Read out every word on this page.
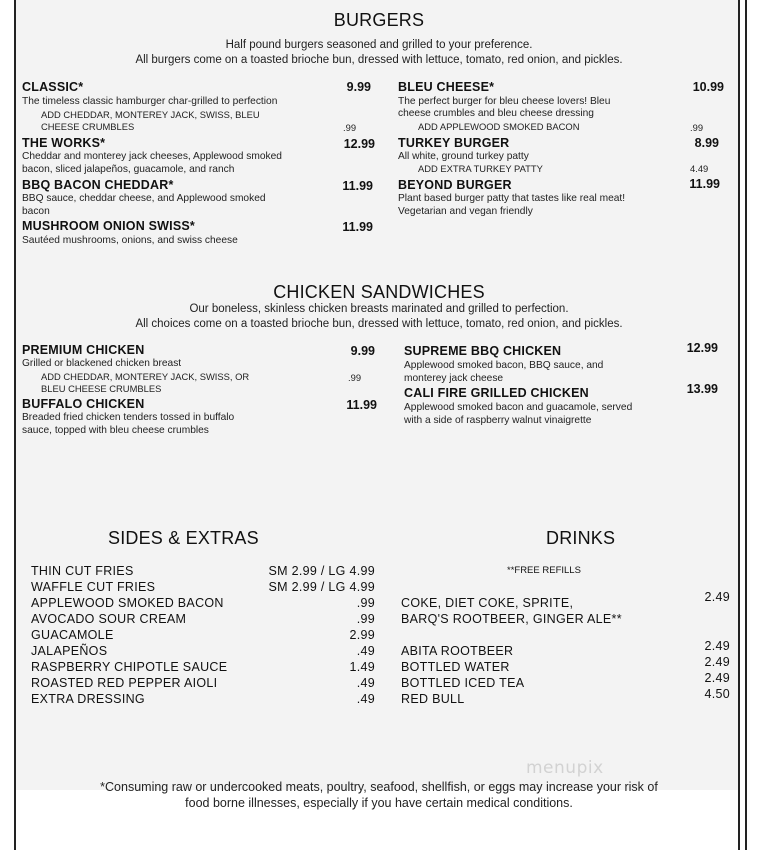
BURGERS
Half pound burgers seasoned and grilled to your preference.
All burgers come on a toasted brioche bun, dressed with lettuce, tomato, red onion, and pickles.
CLASSIC*	9.99
The timeless classic hamburger char-grilled to perfection
ADD CHEDDAR, MONTEREY JACK, SWISS, BLEU
CHEESE CRUMBLES	.99
THE WORKS*	12.99
Cheddar and monterey jack cheeses, Applewood smoked
bacon, sliced jalapeños, guacamole, and ranch
BBQ BACON CHEDDAR*	11.99
BBQ sauce, cheddar cheese, and Applewood smoked
bacon
MUSHROOM ONION SWISS*	11.99
Sautéed mushrooms, onions, and swiss cheese
BLEU CHEESE*	10.99
The perfect burger for bleu cheese lovers! Bleu
cheese crumbles and bleu cheese dressing
ADD APPLEWOOD SMOKED BACON	.99
TURKEY BURGER	8.99
All white, ground turkey patty
ADD EXTRA TURKEY PATTY	4.49
BEYOND BURGER	11.99
Plant based burger patty that tastes like real meat!
Vegetarian and vegan friendly
CHICKEN SANDWICHES
Our boneless, skinless chicken breasts marinated and grilled to perfection.
All choices come on a toasted brioche bun, dressed with lettuce, tomato, red onion, and pickles.
PREMIUM CHICKEN	9.99
Grilled or blackened chicken breast
ADD CHEDDAR, MONTEREY JACK, SWISS, OR
BLEU CHEESE CRUMBLES
.99
BUFFALO CHICKEN	11.99
Breaded fried chicken tenders tossed in buffalo
sauce, topped with bleu cheese crumbles
SUPREME BBQ CHICKEN	12.99
Applewood smoked bacon, BBQ sauce, and
monterey jack cheese
CALI FIRE GRILLED CHICKEN	13.99
Applewood smoked bacon and guacamole, served
with a side of raspberry walnut vinaigrette
SIDES & EXTRAS
THIN CUT FRIES	SM 2.99 / LG 4.99
WAFFLE CUT FRIES	SM 2.99 / LG 4.99
APPLEWOOD SMOKED BACON	.99
AVOCADO SOUR CREAM	.99
GUACAMOLE	2.99
JALAPEÑOS	.49
RASPBERRY CHIPOTLE SAUCE	1.49
ROASTED RED PEPPER AIOLI	.49
EXTRA DRESSING	.49
DRINKS
**FREE REFILLS
COKE, DIET COKE, SPRITE,
BARQ'S ROOTBEER, GINGER ALE**
2.49
ABITA ROOTBEER	2.49
BOTTLED WATER	2.49
BOTTLED ICED TEA	2.49
RED BULL	4.50
menupix
*Consuming raw or undercooked meats, poultry, seafood, shellfish, or eggs may increase your risk of
food borne illnesses, especially if you have certain medical conditions.
